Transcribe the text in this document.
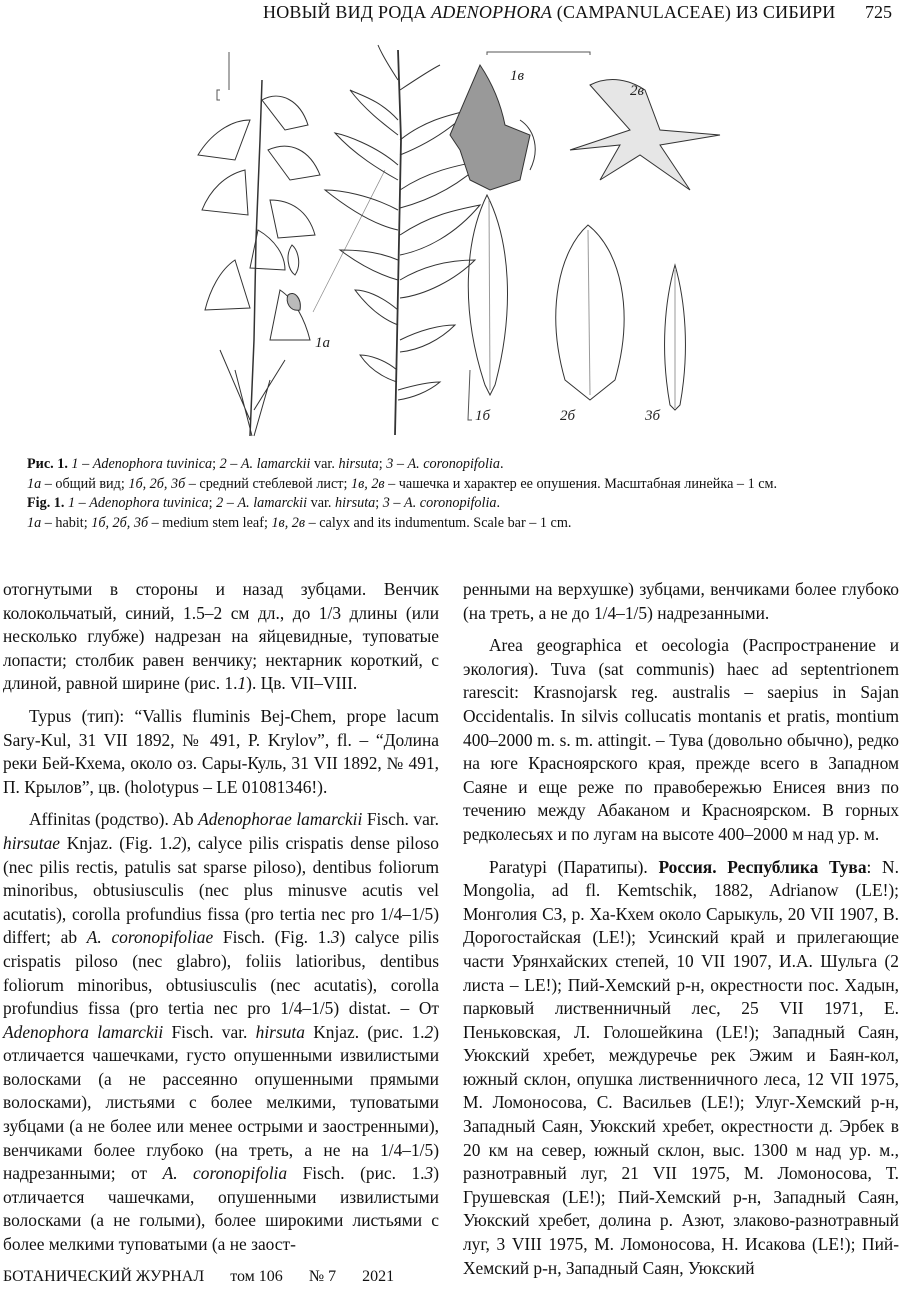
НОВЫЙ ВИД РОДА ADENOPHORA (CAMPANULACEAE) ИЗ СИБИРИ 725
1а
1б	2б	3б
1в
2в

Рис. 1. 1 – Adenophora tuvinica; 2 – A. lamarckii var. hirsuta; 3 – A. coronopifolia.

1а – общий вид; 1б, 2б, 3б – средний стеблевой лист; 1в, 2в – чашечка и характер ее опушения. Масштабная линейка – 1 см.

Fig. 1. 1 – Adenophora tuvinica; 2 – A. lamarckii var. hirsuta; 3 – A. coronopifolia.

1а – habit; 1б, 2б, 3б – medium stem leaf; 1в, 2в – calyx and its indumentum. Scale bar – 1 cm.

отогнутыми в стороны и назад зубцами. Венчик колокольчатый, синий, 1.5–2 см дл., до 1/3 длины (или несколько глубже) надрезан на яйцевидные, туповатые лопасти; столбик равен венчику; нектарник короткий, с длиной, равной ширине (рис. 1.1). Цв. VII–VIII.

Typus (тип): “Vallis fluminis Bej-Chem, prope lacum Sary-Kul, 31 VII 1892, № 491, P. Krylov”, fl. – “Долина реки Бей-Кхема, около оз. Сары-Куль, 31 VII 1892, № 491, П. Крылов”, цв. (holotypus – LE 01081346!).

Affinitas (родство). Ab Adenophorae lamarckii Fisch. var. hirsutae Knjaz. (Fig. 1.2), calyce pilis crispatis dense piloso (nec pilis rectis, patulis sat sparse piloso), dentibus foliorum minoribus, obtusiusculis (nec plus minusve acutis vel acutatis), corolla profundius fissa (pro tertia nec pro 1/4–1/5) differt; ab A. coronopifoliae Fisch. (Fig. 1.3) calyce pilis crispatis piloso (nec glabro), foliis latioribus, dentibus foliorum minoribus, obtusiusculis (nec acutatis), corolla profundius fissa (pro tertia nec pro 1/4–1/5) distat. – От Adenophora lamarckii Fisch. var. hirsuta Knjaz. (рис. 1.2) отличается чашечками, густо опушенными извилистыми волосками (а не рассеянно опушенными прямыми волосками), листьями с более мелкими, туповатыми зубцами (а не более или менее острыми и заостренными), венчиками более глубоко (на треть, а не на 1/4–1/5) надрезанными; от A. coronopifolia Fisch. (рис. 1.3) отличается чашечками, опушенными извилистыми волосками (а не голыми), более широкими листьями с более мелкими туповатыми (а не заост-

ренными на верхушке) зубцами, венчиками более глубоко (на треть, а не до 1/4–1/5) надрезанными.

Area geographica et oecologia (Распространение и экология). Tuva (sat communis) haec ad septentrionem rarescit: Krasnojarsk reg. australis – saepius in Sajan Occidentalis. In silvis collucatis montanis et pratis, montium 400–2000 m. s. m. attingit. – Тува (довольно обычно), редко на юге Красноярского края, прежде всего в Западном Саяне и еще реже по правобережью Енисея вниз по течению между Абаканом и Красноярском. В горных редколесьях и по лугам на высоте 400–2000 м над ур. м.

Paratypi (Паратипы). Россия. Республика Тува: N. Mongolia, ad fl. Kemtschik, 1882, Adrianow (LE!); Монголия СЗ, р. Ха-Кхем около Сарыкуль, 20 VII 1907, В. Дорогостайская (LE!); Усинский край и прилегающие части Урянхайских степей, 10 VII 1907, И.А. Шульга (2 листа – LE!); Пий-Хемский р-н, окрестности пос. Хадын, парковый лиственничный лес, 25 VII 1971, Е. Пеньковская, Л. Голошейкина (LE!); Западный Саян, Уюкский хребет, междуречье рек Эжим и Баян-кол, южный склон, опушка лиственничного леса, 12 VII 1975, М. Ломоносова, С. Васильев (LE!); Улуг-Хемский р-н, Западный Саян, Уюкский хребет, окрестности д. Эрбек в 20 км на север, южный склон, выс. 1300 м над ур. м., разнотравный луг, 21 VII 1975, М. Ломоносова, Т. Грушевская (LE!); Пий-Хемский р-н, Западный Саян, Уюкский хребет, долина р. Азют, злаково-разнотравный луг, 3 VIII 1975, М. Ломоносова, Н. Исакова (LE!); Пий-Хемский р-н, Западный Саян, Уюкский

БОТАНИЧЕСКИЙ ЖУРНАЛ том 106 № 7 2021
